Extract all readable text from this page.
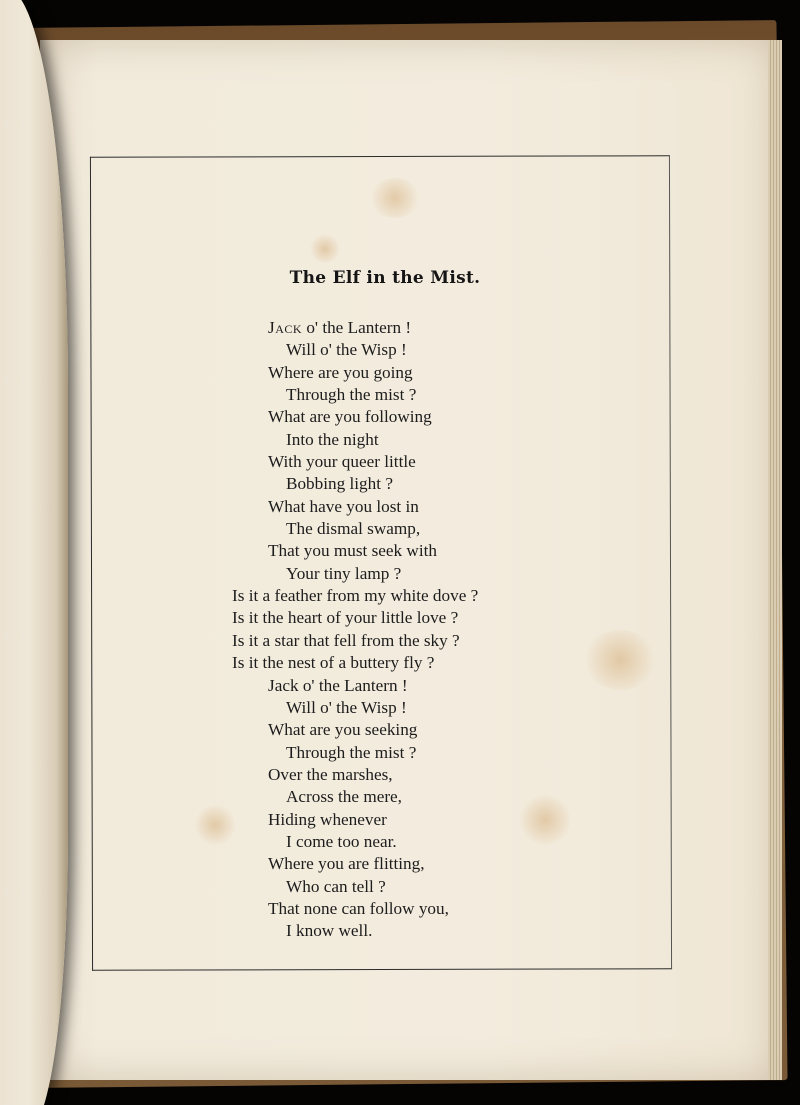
The Elf in the Mist.
Jack o' the Lantern !
Will o' the Wisp !
Where are you going
Through the mist ?
What are you following
Into the night
With your queer little
Bobbing light ?
What have you lost in
The dismal swamp,
That you must seek with
Your tiny lamp ?
Is it a feather from my white dove ?
Is it the heart of your little love ?
Is it a star that fell from the sky ?
Is it the nest of a buttery fly ?
Jack o' the Lantern !
Will o' the Wisp !
What are you seeking
Through the mist ?
Over the marshes,
Across the mere,
Hiding whenever
I come too near.
Where you are flitting,
Who can tell ?
That none can follow you,
I know well.
